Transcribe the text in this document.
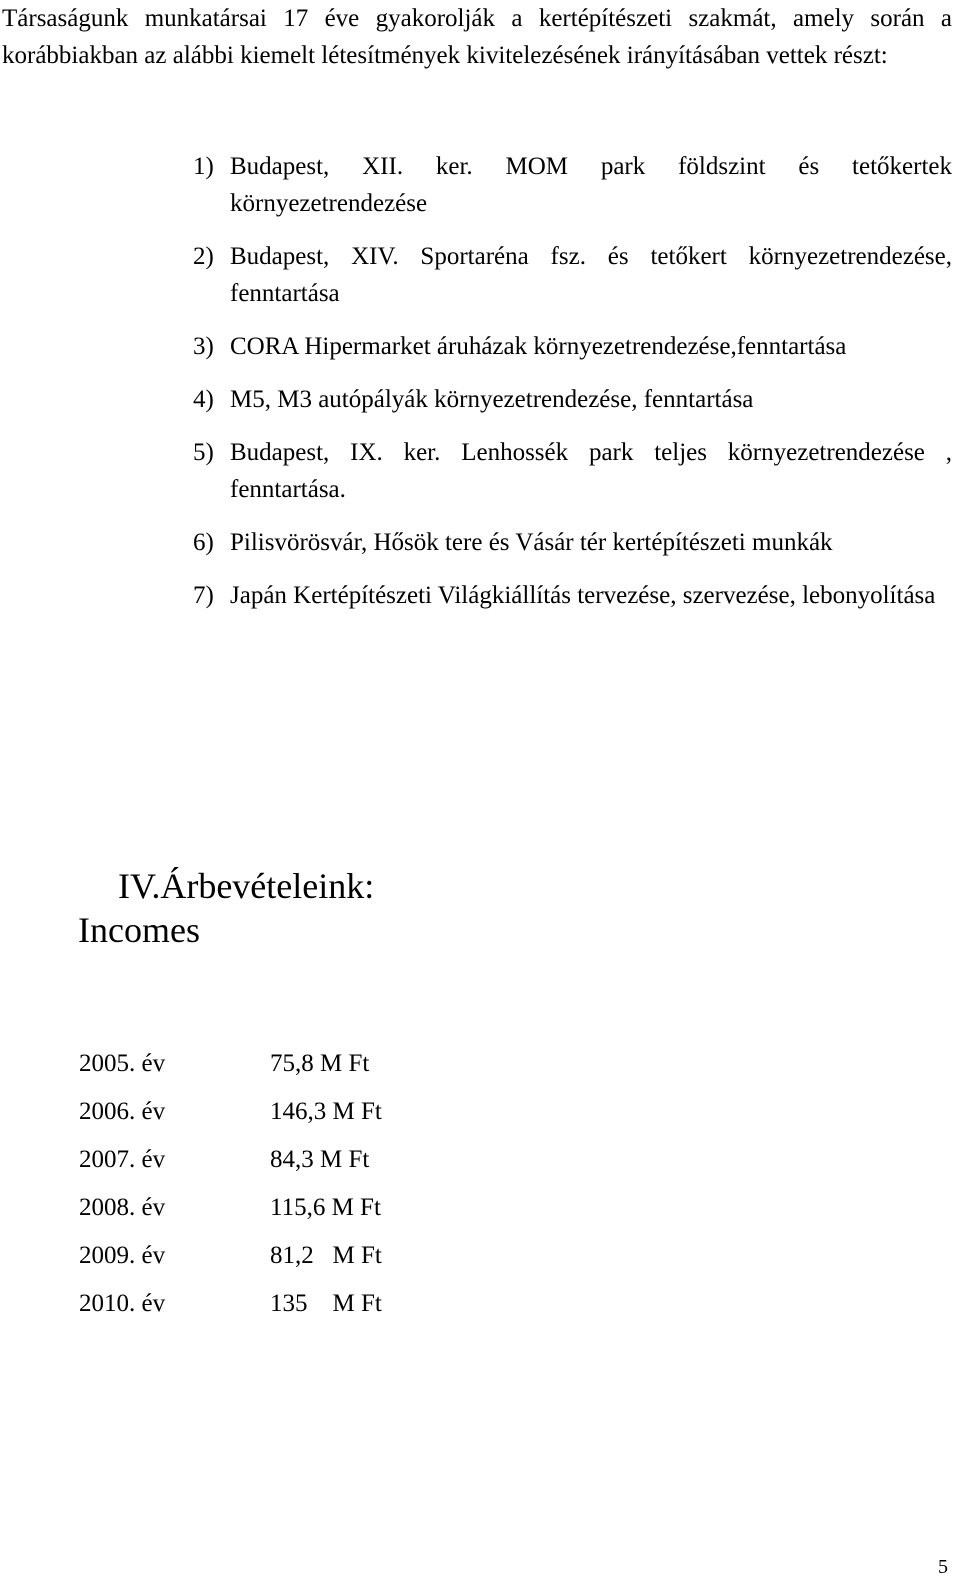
Társaságunk munkatársai 17 éve gyakorolják a kertépítészeti szakmát, amely során a korábbiakban az alábbi kiemelt létesítmények kivitelezésének irányításában vettek részt:

1) Budapest, XII. ker. MOM park földszint és tetőkertek környezetrendezése
2) Budapest, XIV. Sportaréna fsz. és tetőkert környezetrendezése, fenntartása
3) CORA Hipermarket áruházak környezetrendezése,fenntartása
4) M5, M3 autópályák környezetrendezése, fenntartása
5) Budapest, IX. ker. Lenhossék park teljes környezetrendezése , fenntartása.
6) Pilisvörösvár, Hősök tere és Vásár tér kertépítészeti munkák
7) Japán Kertépítészeti Világkiállítás tervezése, szervezése, lebonyolítása
IV.Árbevételeink:
Incomes
2005. év	75,8 M Ft
2006. év	146,3 M Ft
2007. év	84,3 M Ft
2008. év	115,6 M Ft
2009. év	81,2   M Ft
2010. év	135    M Ft
5
